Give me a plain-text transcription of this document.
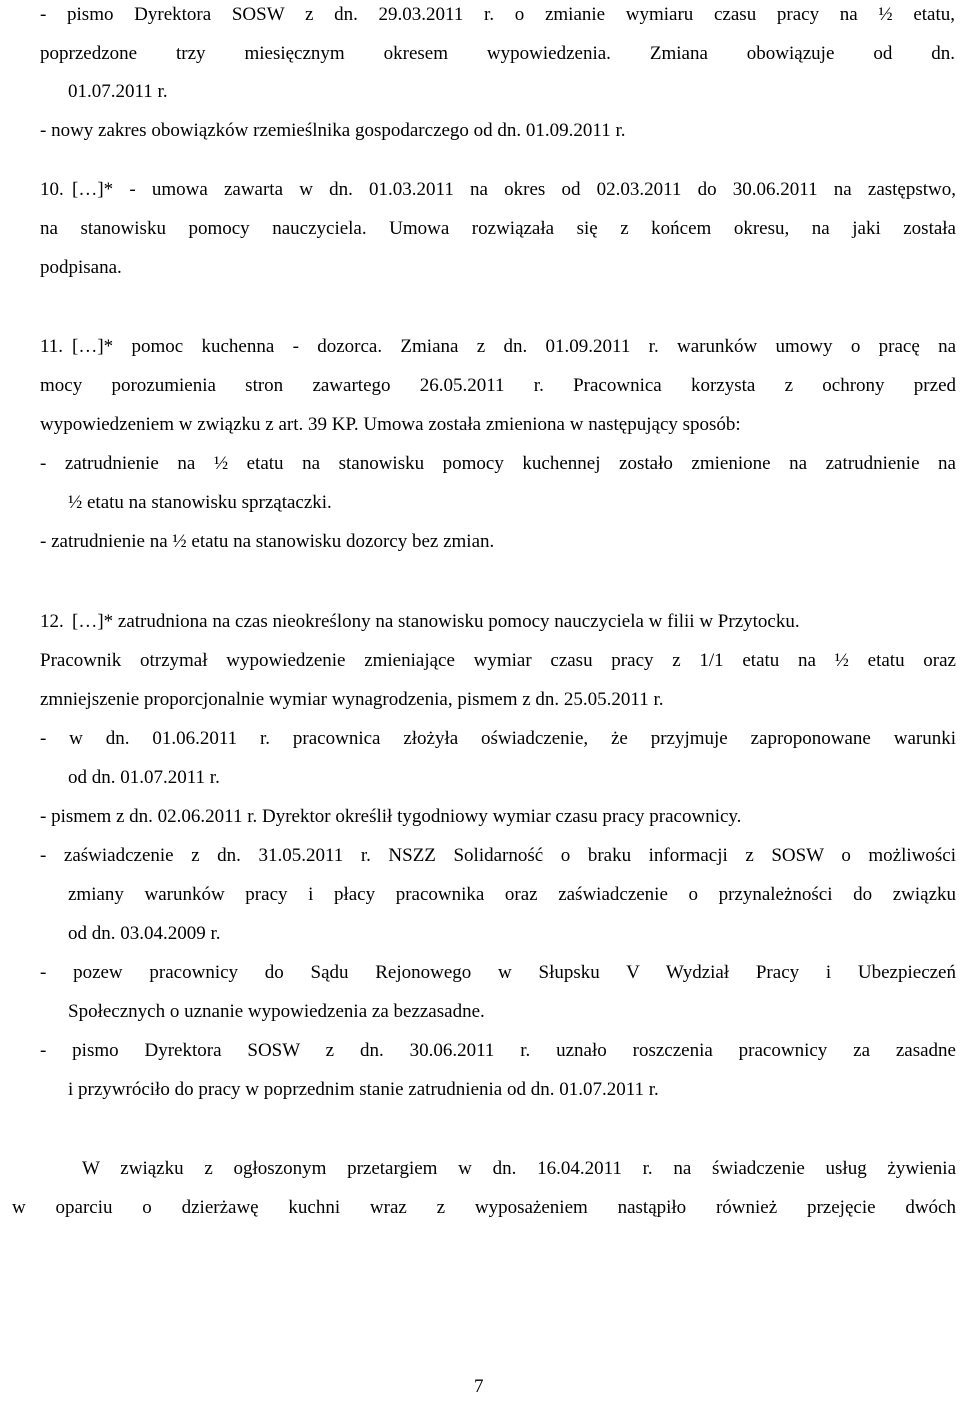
- pismo Dyrektora SOSW z dn. 29.03.2011 r. o zmianie wymiaru czasu pracy na ½ etatu,
poprzedzone trzy miesięcznym okresem wypowiedzenia. Zmiana obowiązuje od dn.
01.07.2011 r.
- nowy zakres obowiązków rzemieślnika gospodarczego od dn. 01.09.2011 r.
10. […]* - umowa zawarta w dn. 01.03.2011 na okres od 02.03.2011 do 30.06.2011 na zastępstwo,
na stanowisku pomocy nauczyciela. Umowa rozwiązała się z końcem okresu, na jaki została
podpisana.
11. […]* pomoc kuchenna - dozorca. Zmiana z dn. 01.09.2011 r. warunków umowy o pracę na
mocy porozumienia stron zawartego 26.05.2011 r. Pracownica korzysta z ochrony przed
wypowiedzeniem w związku z art. 39 KP. Umowa została zmieniona w następujący sposób:
- zatrudnienie na ½ etatu na stanowisku pomocy kuchennej zostało zmienione na zatrudnienie na
½ etatu na stanowisku sprzątaczki.
- zatrudnienie na ½ etatu na stanowisku dozorcy bez zmian.
12. […]* zatrudniona na czas nieokreślony na stanowisku pomocy nauczyciela w filii w Przytocku.
Pracownik otrzymał wypowiedzenie zmieniające wymiar czasu pracy z 1/1 etatu na ½ etatu oraz
zmniejszenie proporcjonalnie wymiar wynagrodzenia, pismem z dn. 25.05.2011 r.
- w dn. 01.06.2011 r. pracownica złożyła oświadczenie, że przyjmuje zaproponowane warunki
od dn. 01.07.2011 r.
- pismem z dn. 02.06.2011 r. Dyrektor określił tygodniowy wymiar czasu pracy pracownicy.
- zaświadczenie z dn. 31.05.2011 r. NSZZ Solidarność o braku informacji z SOSW o możliwości
zmiany warunków pracy i płacy pracownika oraz zaświadczenie o przynależności do związku
od dn. 03.04.2009 r.
- pozew pracownicy do Sądu Rejonowego w Słupsku V Wydział Pracy i Ubezpieczeń
Społecznych o uznanie wypowiedzenia za bezzasadne.
- pismo Dyrektora SOSW z dn. 30.06.2011 r. uznało roszczenia pracownicy za zasadne
i przywróciło do pracy w poprzednim stanie zatrudnienia od dn. 01.07.2011 r.
W związku z ogłoszonym przetargiem w dn. 16.04.2011 r. na świadczenie usług żywienia
w oparciu o dzierżawę kuchni wraz z wyposażeniem nastąpiło również przejęcie dwóch
7
